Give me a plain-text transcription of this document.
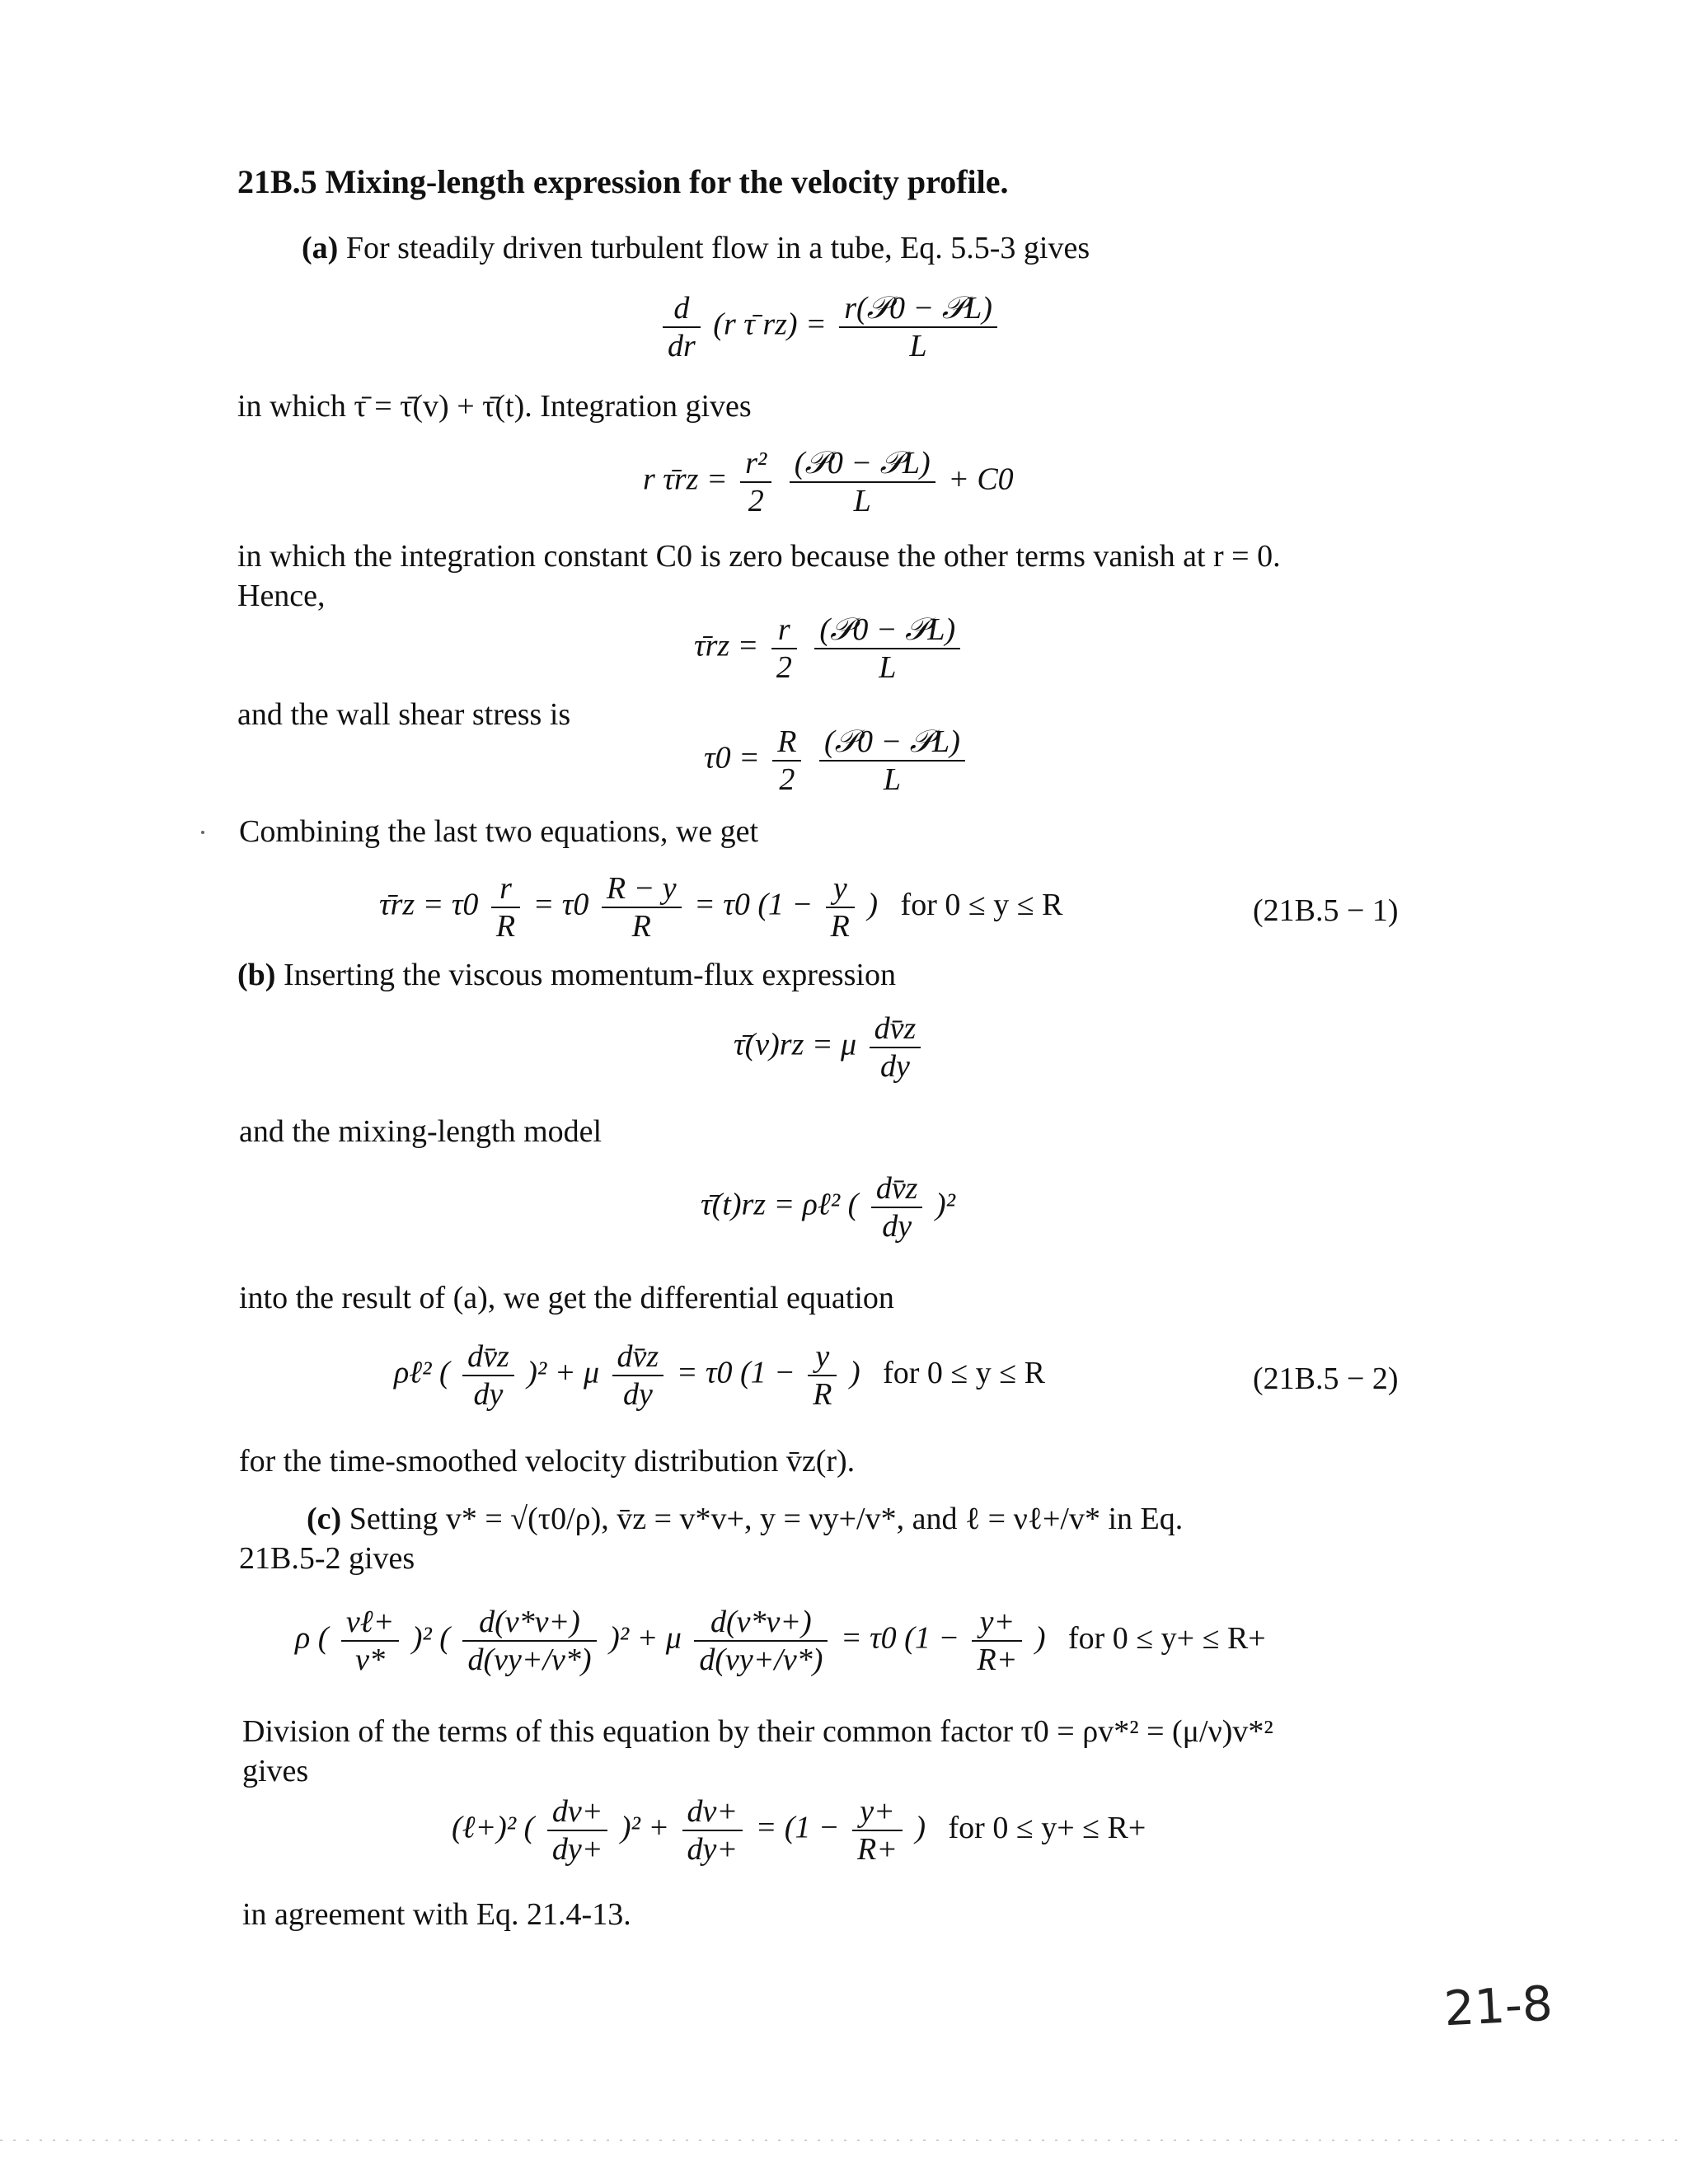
21B.5 Mixing-length expression for the velocity profile.
(a) For steadily driven turbulent flow in a tube, Eq. 5.5-3 gives
$\frac{d}{dr} (r$ τ̄ $rz) = \frac{\text{r(𝒫0 − 𝒫L)}}{L}$
in which τ̄ = τ̄(v) + τ̄(t). Integration gives
r τ̄rz = $\frac{\text{r²}}{2}$
$\frac{\text{(𝒫0 − 𝒫L)}}{L} + C0$
in which the integration constant C0 is zero because the other terms vanish at r = 0.
Hence,
τ̄rz = $\frac{r}{2}$
$\frac{\text{(𝒫0 − 𝒫L)}}{L}$
and the wall shear stress is
$\tau 0 = \frac{R}{2}$
$\frac{\text{(𝒫0 − 𝒫L)}}{L}$
Combining the last two equations, we get
τ̄rz = $\tau 0 \frac{r}{R} = \tau 0 \frac{R - y}{R} = \tau 0$ ($1 - \frac{y}{R}$ ) for 0 ≤ y ≤ R	(21B.5 − 1)
(b) Inserting the viscous momentum-flux expression
τ̄(v)rz = μ $\frac{dv̄z}{dy}$
and the mixing-length model
τ̄(t)rz = ρℓ² ( $\frac{dv̄z}{dy} )^2$
into the result of (a), we get the differential equation
ρℓ² ( $\frac{dv̄z}{dy} )^2 + \mu \frac{dv̄z}{dy} = \tau 0$ ($1 - \frac{y}{R}$ ) for 0 ≤ y ≤ R	(21B.5 − 2)
for the time-smoothed velocity distribution v̄z(r).
(c) Setting v* = √(τ0/ρ), v̄z = v*v+, y = νy+/v*, and ℓ = νℓ+/v* in Eq.
21B.5-2 gives
ρ ( $\frac{\text{νℓ+}}{v*} )^2$ ( $\frac{d(v*v+)}{d(\nu y+/v*)} )^2 + \mu \frac{d(v*v+)}{d(\nu y+/v*)} = \tau 0$ ($1 - \frac{y+}{R+}$ ) for 0 ≤ y+ ≤ R+
Division of the terms of this equation by their common factor τ0 = ρv*² = (μ/ν)v*²
gives
(ℓ+)² ( $\frac{dv+}{dy+} )^2 + \frac{dv+}{dy+} = (1 - \frac{y+}{R+}$ ) for 0 ≤ y+ ≤ R+
in agreement with Eq. 21.4-13.
21-8
